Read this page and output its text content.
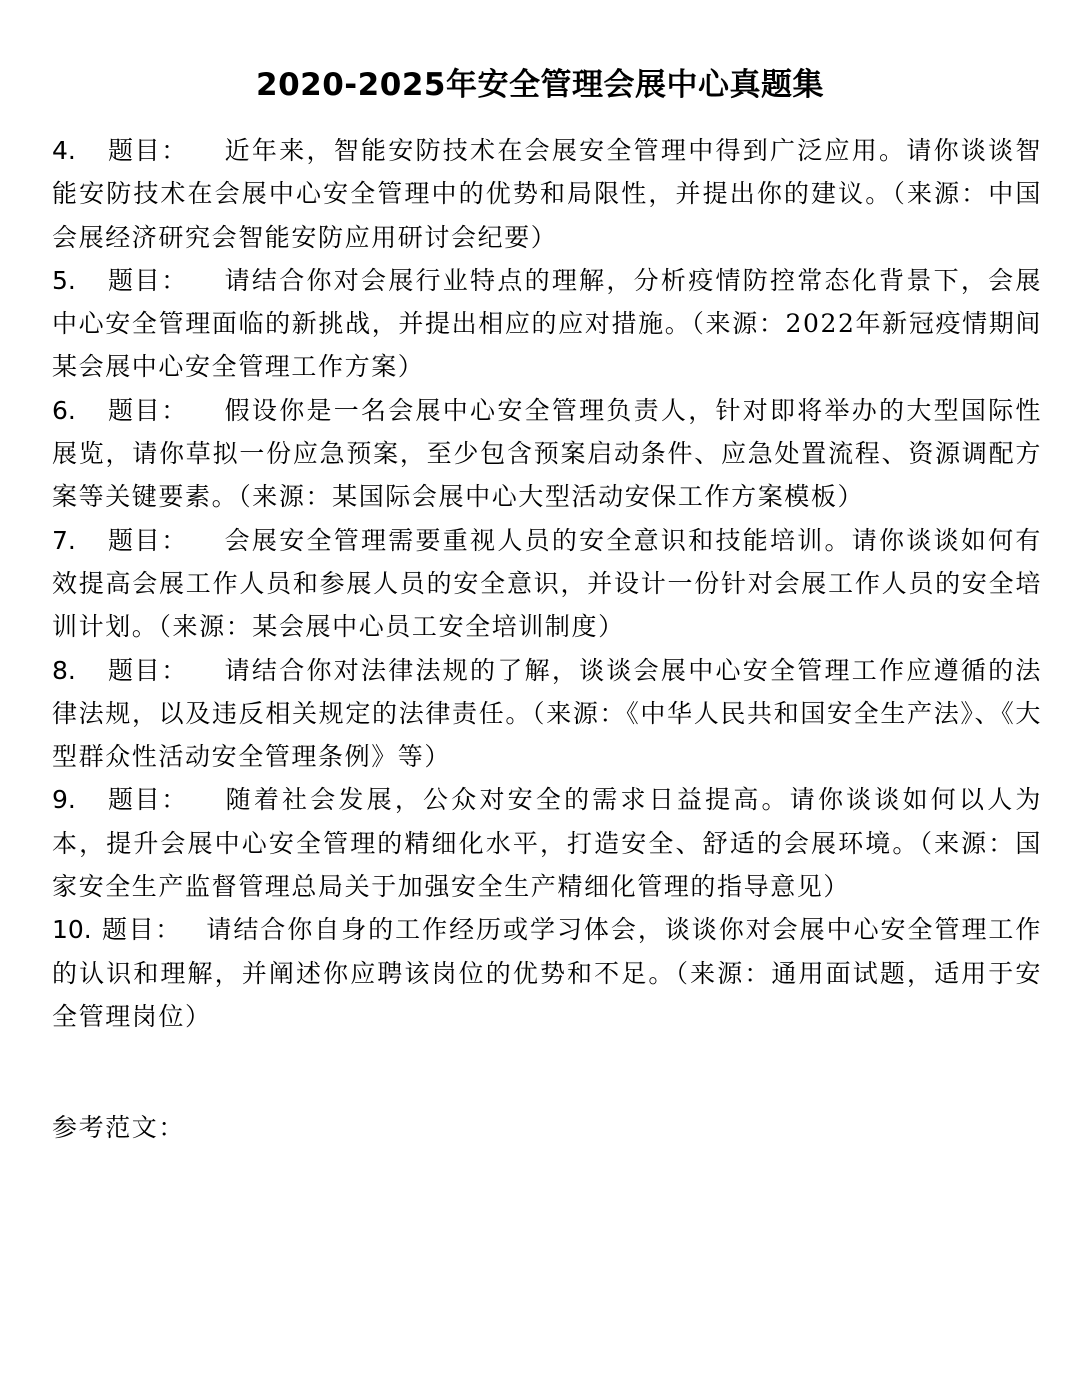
2020-2025年安全管理会展中心真题集
4. 题目： 近年来，智能安防技术在会展安全管理中得到广泛应用。请你谈谈智能安防技术在会展中心安全管理中的优势和局限性，并提出你的建议。（来源：中国会展经济研究会智能安防应用研讨会纪要）
5. 题目： 请结合你对会展行业特点的理解，分析疫情防控常态化背景下，会展中心安全管理面临的新挑战，并提出相应的应对措施。（来源：2022年新冠疫情期间某会展中心安全管理工作方案）
6. 题目： 假设你是一名会展中心安全管理负责人，针对即将举办的大型国际性展览，请你草拟一份应急预案，至少包含预案启动条件、应急处置流程、资源调配方案等关键要素。（来源：某国际会展中心大型活动安保工作方案模板）
7. 题目： 会展安全管理需要重视人员的安全意识和技能培训。请你谈谈如何有效提高会展工作人员和参展人员的安全意识，并设计一份针对会展工作人员的安全培训计划。（来源：某会展中心员工安全培训制度）
8. 题目： 请结合你对法律法规的了解，谈谈会展中心安全管理工作应遵循的法律法规，以及违反相关规定的法律责任。（来源：《中华人民共和国安全生产法》、《大型群众性活动安全管理条例》等）
9. 题目： 随着社会发展，公众对安全的需求日益提高。请你谈谈如何以人为本，提升会展中心安全管理的精细化水平，打造安全、舒适的会展环境。（来源：国家安全生产监督管理总局关于加强安全生产精细化管理的指导意见）
10. 题目： 请结合你自身的工作经历或学习体会，谈谈你对会展中心安全管理工作的认识和理解，并阐述你应聘该岗位的优势和不足。（来源：通用面试题，适用于安全管理岗位）
参考范文：
